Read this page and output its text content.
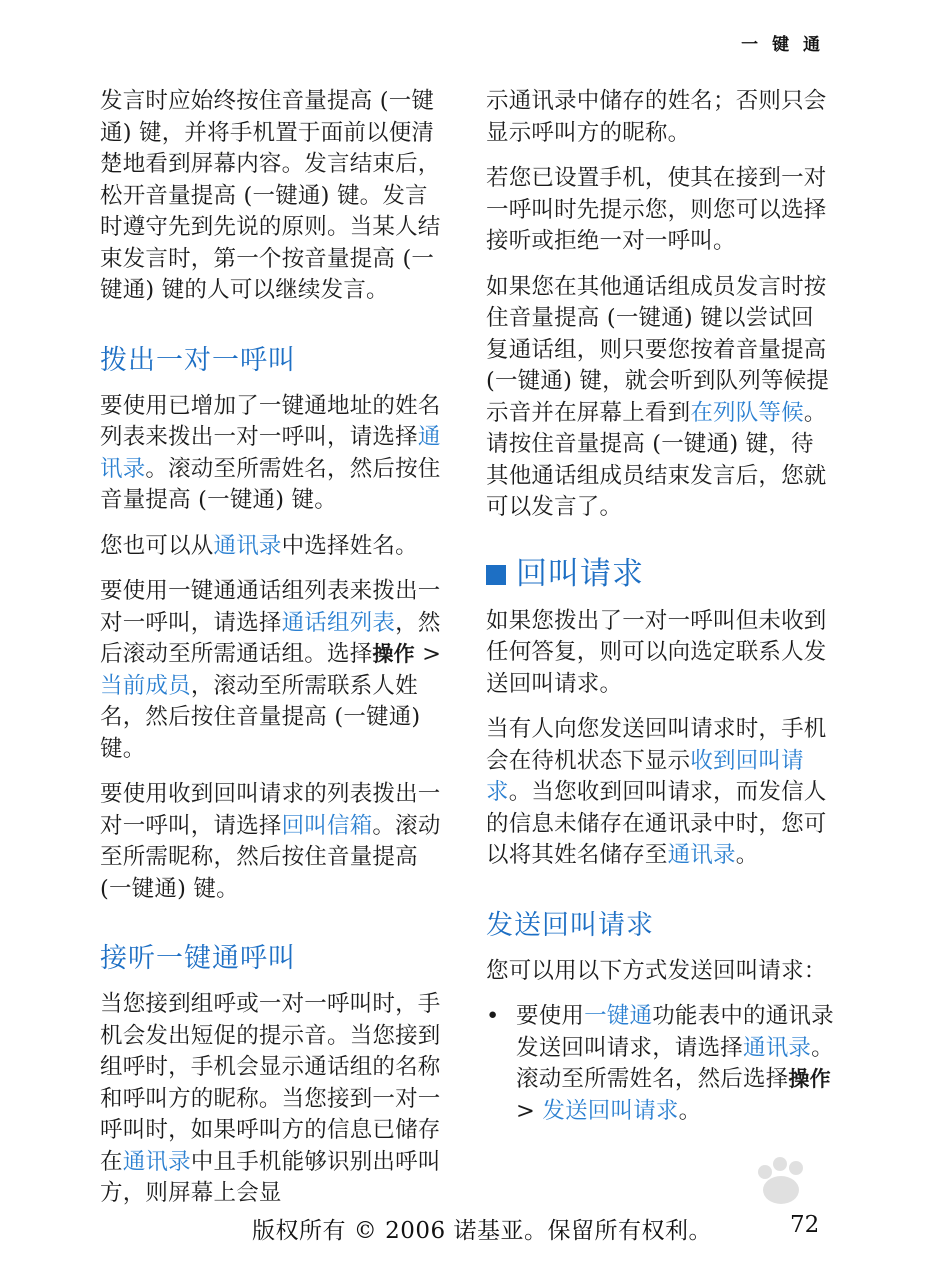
一 键 通

发言时应始终按住音量提高 (一键通) 键，并将手机置于面前以便清楚地看到屏幕内容。发言结束后，松开音量提高 (一键通) 键。发言时遵守先到先说的原则。当某人结束发言时，第一个按音量提高 (一键通) 键的人可以继续发言。

拨出一对一呼叫

要使用已增加了一键通地址的姓名列表来拨出一对一呼叫，请选择通讯录。滚动至所需姓名，然后按住音量提高 (一键通) 键。

您也可以从通讯录中选择姓名。

要使用一键通通话组列表来拨出一对一呼叫，请选择通话组列表，然后滚动至所需通话组。选择操作 > 当前成员，滚动至所需联系人姓名，然后按住音量提高 (一键通) 键。

要使用收到回叫请求的列表拨出一对一呼叫，请选择回叫信箱。滚动至所需昵称，然后按住音量提高 (一键通) 键。

接听一键通呼叫

当您接到组呼或一对一呼叫时，手机会发出短促的提示音。当您接到组呼时，手机会显示通话组的名称和呼叫方的昵称。当您接到一对一呼叫时，如果呼叫方的信息已储存在通讯录中且手机能够识别出呼叫方，则屏幕上会显

示通讯录中储存的姓名；否则只会显示呼叫方的昵称。

若您已设置手机，使其在接到一对一呼叫时先提示您，则您可以选择接听或拒绝一对一呼叫。

如果您在其他通话组成员发言时按住音量提高 (一键通) 键以尝试回复通话组，则只要您按着音量提高 (一键通) 键，就会听到队列等候提示音并在屏幕上看到在列队等候。请按住音量提高 (一键通) 键，待其他通话组成员结束发言后，您就可以发言了。

回叫请求

如果您拨出了一对一呼叫但未收到任何答复，则可以向选定联系人发送回叫请求。

当有人向您发送回叫请求时，手机会在待机状态下显示收到回叫请求。当您收到回叫请求，而发信人的信息未储存在通讯录中时，您可以将其姓名储存至通讯录。

发送回叫请求

您可以用以下方式发送回叫请求：

• 要使用一键通功能表中的通讯录发送回叫请求，请选择通讯录。滚动至所需姓名，然后选择操作 > 发送回叫请求。

版权所有 © 2006 诺基亚。保留所有权利。	72
